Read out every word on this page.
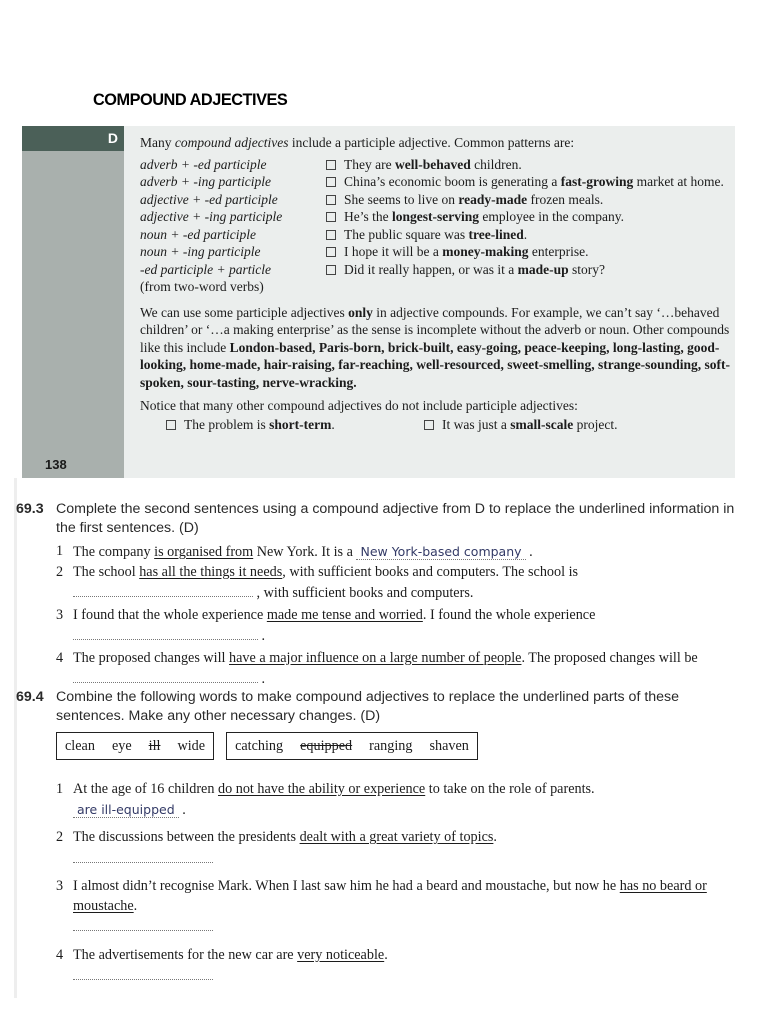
COMPOUND ADJECTIVES
D
138

Many compound adjectives include a participle adjective. Common patterns are:

adverb + -ed participle	They are well-behaved children.
adverb + -ing participle	China’s economic boom is generating a fast-growing market at home.
adjective + -ed participle	She seems to live on ready-made frozen meals.
adjective + -ing participle	He’s the longest-serving employee in the company.
noun + -ed participle	The public square was tree-lined.
noun + -ing participle	I hope it will be a money-making enterprise.
-ed participle + particle	Did it really happen, or was it a made-up story?
(from two-word verbs)

We can use some participle adjectives only in adjective compounds. For example, we can’t say ‘…behaved children’ or ‘…a making enterprise’ as the sense is incomplete without the adverb or noun. Other compounds like this include London-based, Paris-born, brick-built, easy-going, peace-keeping, long-lasting, good-looking, home-made, hair-raising, far-reaching, well-resourced, sweet-smelling, strange-sounding, soft-spoken, sour-tasting, nerve-wracking.

Notice that many other compound adjectives do not include participle adjectives:

The problem is short-term.	It was just a small-scale project.
69.3 Complete the second sentences using a compound adjective from D to replace the underlined information in the first sentences. (D)
1 The company is organised from New York. It is a New York-based company .
2 The school has all the things it needs, with sufficient books and computers. The school is
, with sufficient books and computers.
3 I found that the whole experience made me tense and worried. I found the whole experience
.
4 The proposed changes will have a major influence on a large number of people. The proposed changes will be  .
69.4 Combine the following words to make compound adjectives to replace the underlined parts of these sentences. Make any other necessary changes. (D)
clean eye ill wide catching equipped ranging shaven
1 At the age of 16 children do not have the ability or experience to take on the role of parents.
are ill-equipped .
2 The discussions between the presidents dealt with a great variety of topics.

3 I almost didn’t recognise Mark. When I last saw him he had a beard and moustache, but now he has no beard or moustache.

4 The advertisements for the new car are very noticeable.
